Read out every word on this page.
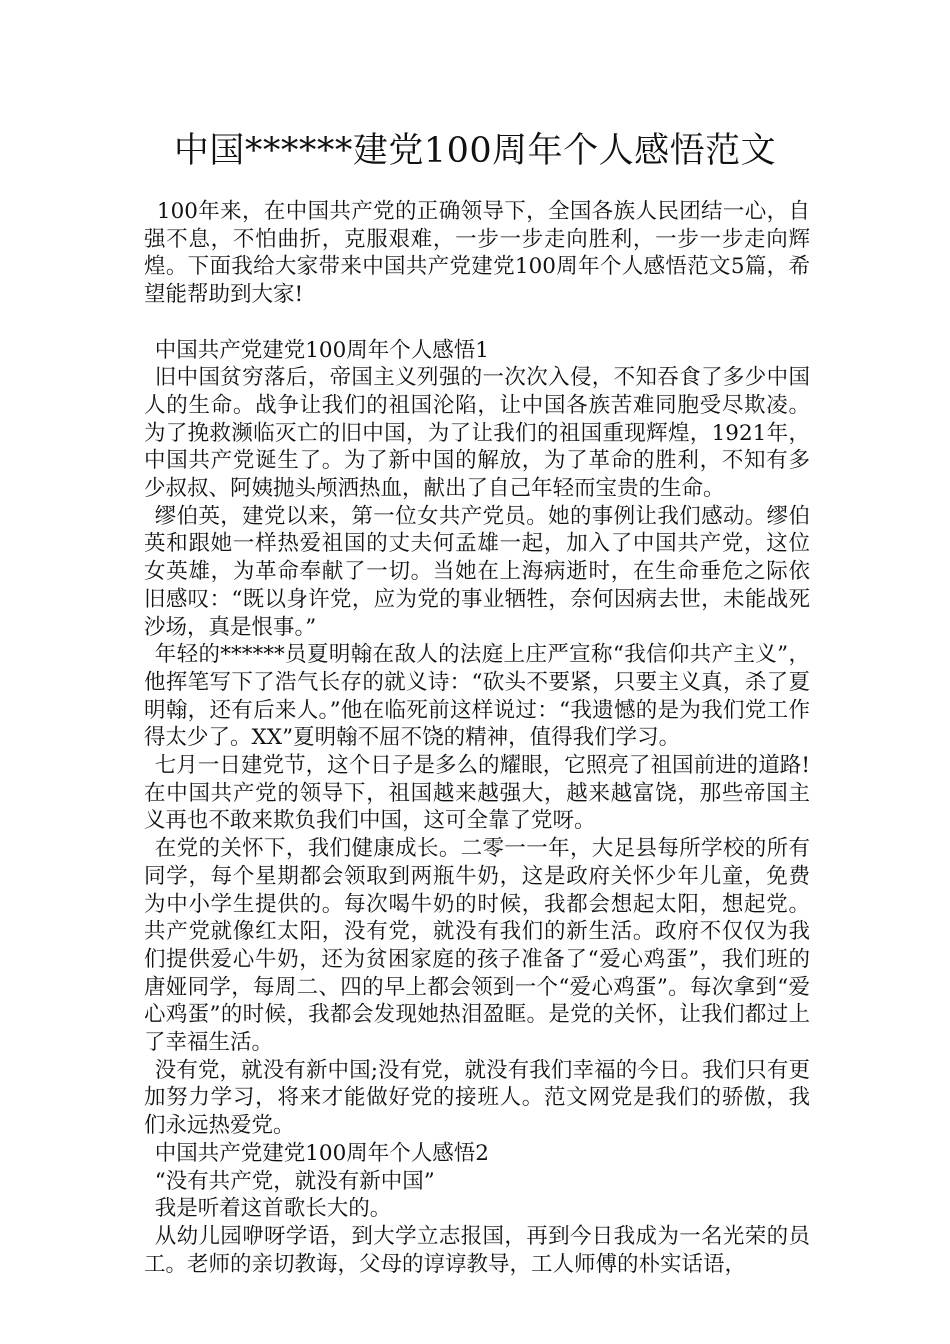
中国******建党100周年个人感悟范文

100年来，在中国共产党的正确领导下，全国各族人民团结一心，自强不息，不怕曲折，克服艰难，一步一步走向胜利，一步一步走向辉煌。下面我给大家带来中国共产党建党100周年个人感悟范文5篇，希望能帮助到大家!

中国共产党建党100周年个人感悟1

旧中国贫穷落后，帝国主义列强的一次次入侵，不知吞食了多少中国人的生命。战争让我们的祖国沦陷，让中国各族苦难同胞受尽欺凌。为了挽救濒临灭亡的旧中国，为了让我们的祖国重现辉煌，1921年，中国共产党诞生了。为了新中国的解放，为了革命的胜利，不知有多少叔叔、阿姨抛头颅洒热血，献出了自己年轻而宝贵的生命。

缪伯英，建党以来，第一位女共产党员。她的事例让我们感动。缪伯英和跟她一样热爱祖国的丈夫何孟雄一起，加入了中国共产党，这位女英雄，为革命奉献了一切。当她在上海病逝时，在生命垂危之际依旧感叹：“既以身许党，应为党的事业牺牲，奈何因病去世，未能战死沙场，真是恨事。”

年轻的******员夏明翰在敌人的法庭上庄严宣称“我信仰共产主义”，他挥笔写下了浩气长存的就义诗：“砍头不要紧，只要主义真，杀了夏明翰，还有后来人。”他在临死前这样说过：“我遗憾的是为我们党工作得太少了。XX”夏明翰不屈不饶的精神，值得我们学习。

七月一日建党节，这个日子是多么的耀眼，它照亮了祖国前进的道路!在中国共产党的领导下，祖国越来越强大，越来越富饶，那些帝国主义再也不敢来欺负我们中国，这可全靠了党呀。

在党的关怀下，我们健康成长。二零一一年，大足县每所学校的所有同学，每个星期都会领取到两瓶牛奶，这是政府关怀少年儿童，免费为中小学生提供的。每次喝牛奶的时候，我都会想起太阳，想起党。共产党就像红太阳，没有党，就没有我们的新生活。政府不仅仅为我们提供爱心牛奶，还为贫困家庭的孩子准备了“爱心鸡蛋”，我们班的唐娅同学，每周二、四的早上都会领到一个“爱心鸡蛋”。每次拿到“爱心鸡蛋”的时候，我都会发现她热泪盈眶。是党的关怀，让我们都过上了幸福生活。

没有党，就没有新中国;没有党，就没有我们幸福的今日。我们只有更加努力学习，将来才能做好党的接班人。范文网党是我们的骄傲，我们永远热爱党。

中国共产党建党100周年个人感悟2

“没有共产党，就没有新中国”

我是听着这首歌长大的。

从幼儿园咿呀学语，到大学立志报国，再到今日我成为一名光荣的员工。老师的亲切教诲，父母的谆谆教导，工人师傅的朴实话语，
